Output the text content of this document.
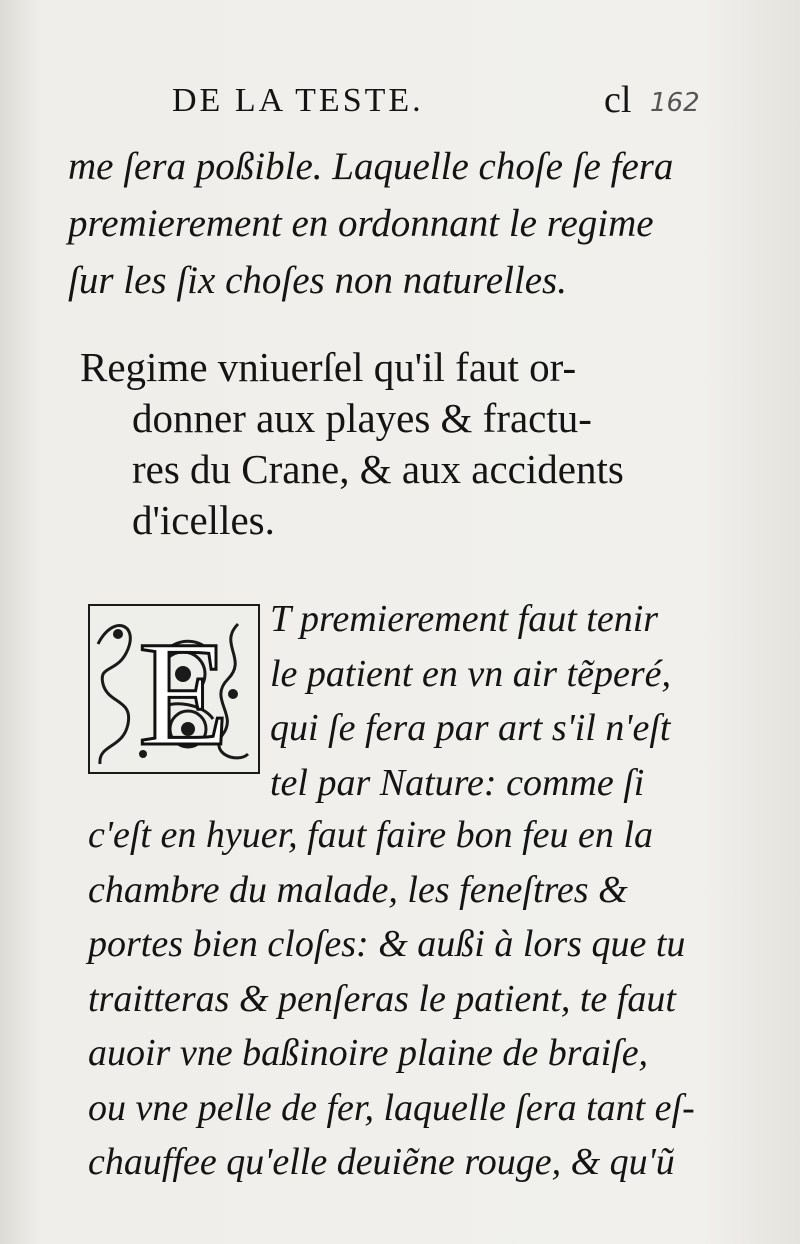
DE LA TESTE.	cl 162
me ſera poßible. Laquelle choſe ſe fera
premierement en ordonnant le regime
ſur les ſix choſes non naturelles.
Regime vniuerſel qu'il faut or-
donner aux playes & fractu-
res du Crane, & aux accidents
d'icelles.
E T premierement faut tenir
le patient en vn air tẽperé,
qui ſe fera par art s'il n'eſt
tel par Nature: comme ſi
c'eſt en hyuer, faut faire bon feu en la
chambre du malade, les feneſtres &
portes bien cloſes: & außi à lors que tu
traitteras & penſeras le patient, te faut
auoir vne baßinoire plaine de braiſe,
ou vne pelle de fer, laquelle ſera tant eſ-
chauffee qu'elle deuiẽne rouge, & qu'ũ
